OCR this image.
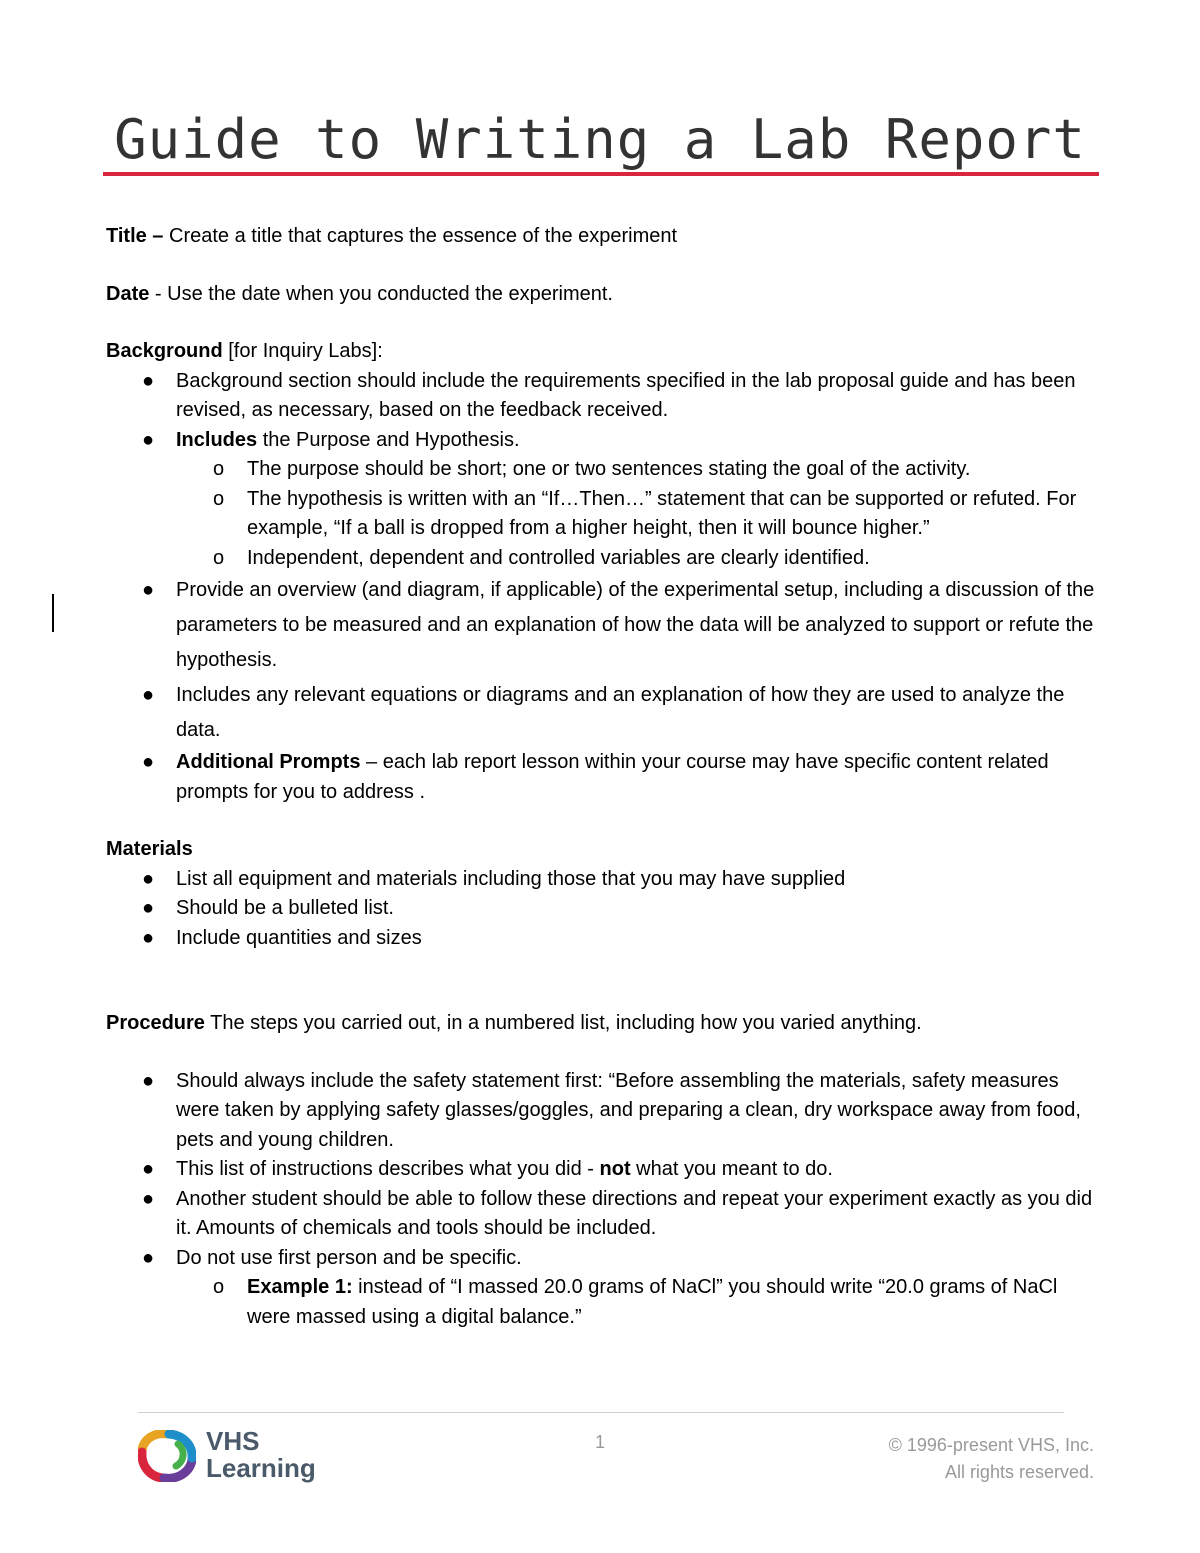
Guide to Writing a Lab Report

Title – Create a title that captures the essence of the experiment

Date - Use the date when you conducted the experiment.

Background [for Inquiry Labs]:

● Background section should include the requirements specified in the lab proposal guide and has been revised, as necessary, based on the feedback received.
● Includes the Purpose and Hypothesis.
o The purpose should be short; one or two sentences stating the goal of the activity.
o The hypothesis is written with an “If…Then…” statement that can be supported or refuted. For example, “If a ball is dropped from a higher height, then it will bounce higher.”
o Independent, dependent and controlled variables are clearly identified.
● Provide an overview (and diagram, if applicable) of the experimental setup, including a discussion of the parameters to be measured and an explanation of how the data will be analyzed to support or refute the hypothesis.
● Includes any relevant equations or diagrams and an explanation of how they are used to analyze the data.
● Additional Prompts – each lab report lesson within your course may have specific content related prompts for you to address .

Materials

● List all equipment and materials including those that you may have supplied
● Should be a bulleted list.
● Include quantities and sizes

Procedure The steps you carried out, in a numbered list, including how you varied anything.

● Should always include the safety statement first: “Before assembling the materials, safety measures were taken by applying safety glasses/goggles, and preparing a clean, dry workspace away from food, pets and young children.
● This list of instructions describes what you did - not what you meant to do.
● Another student should be able to follow these directions and repeat your experiment exactly as you did it. Amounts of chemicals and tools should be included.
● Do not use first person and be specific.
o Example 1: instead of “I massed 20.0 grams of NaCl” you should write “20.0 grams of NaCl were massed using a digital balance.”
VHS
Learning
1	© 1996-present VHS, Inc.
All rights reserved.
